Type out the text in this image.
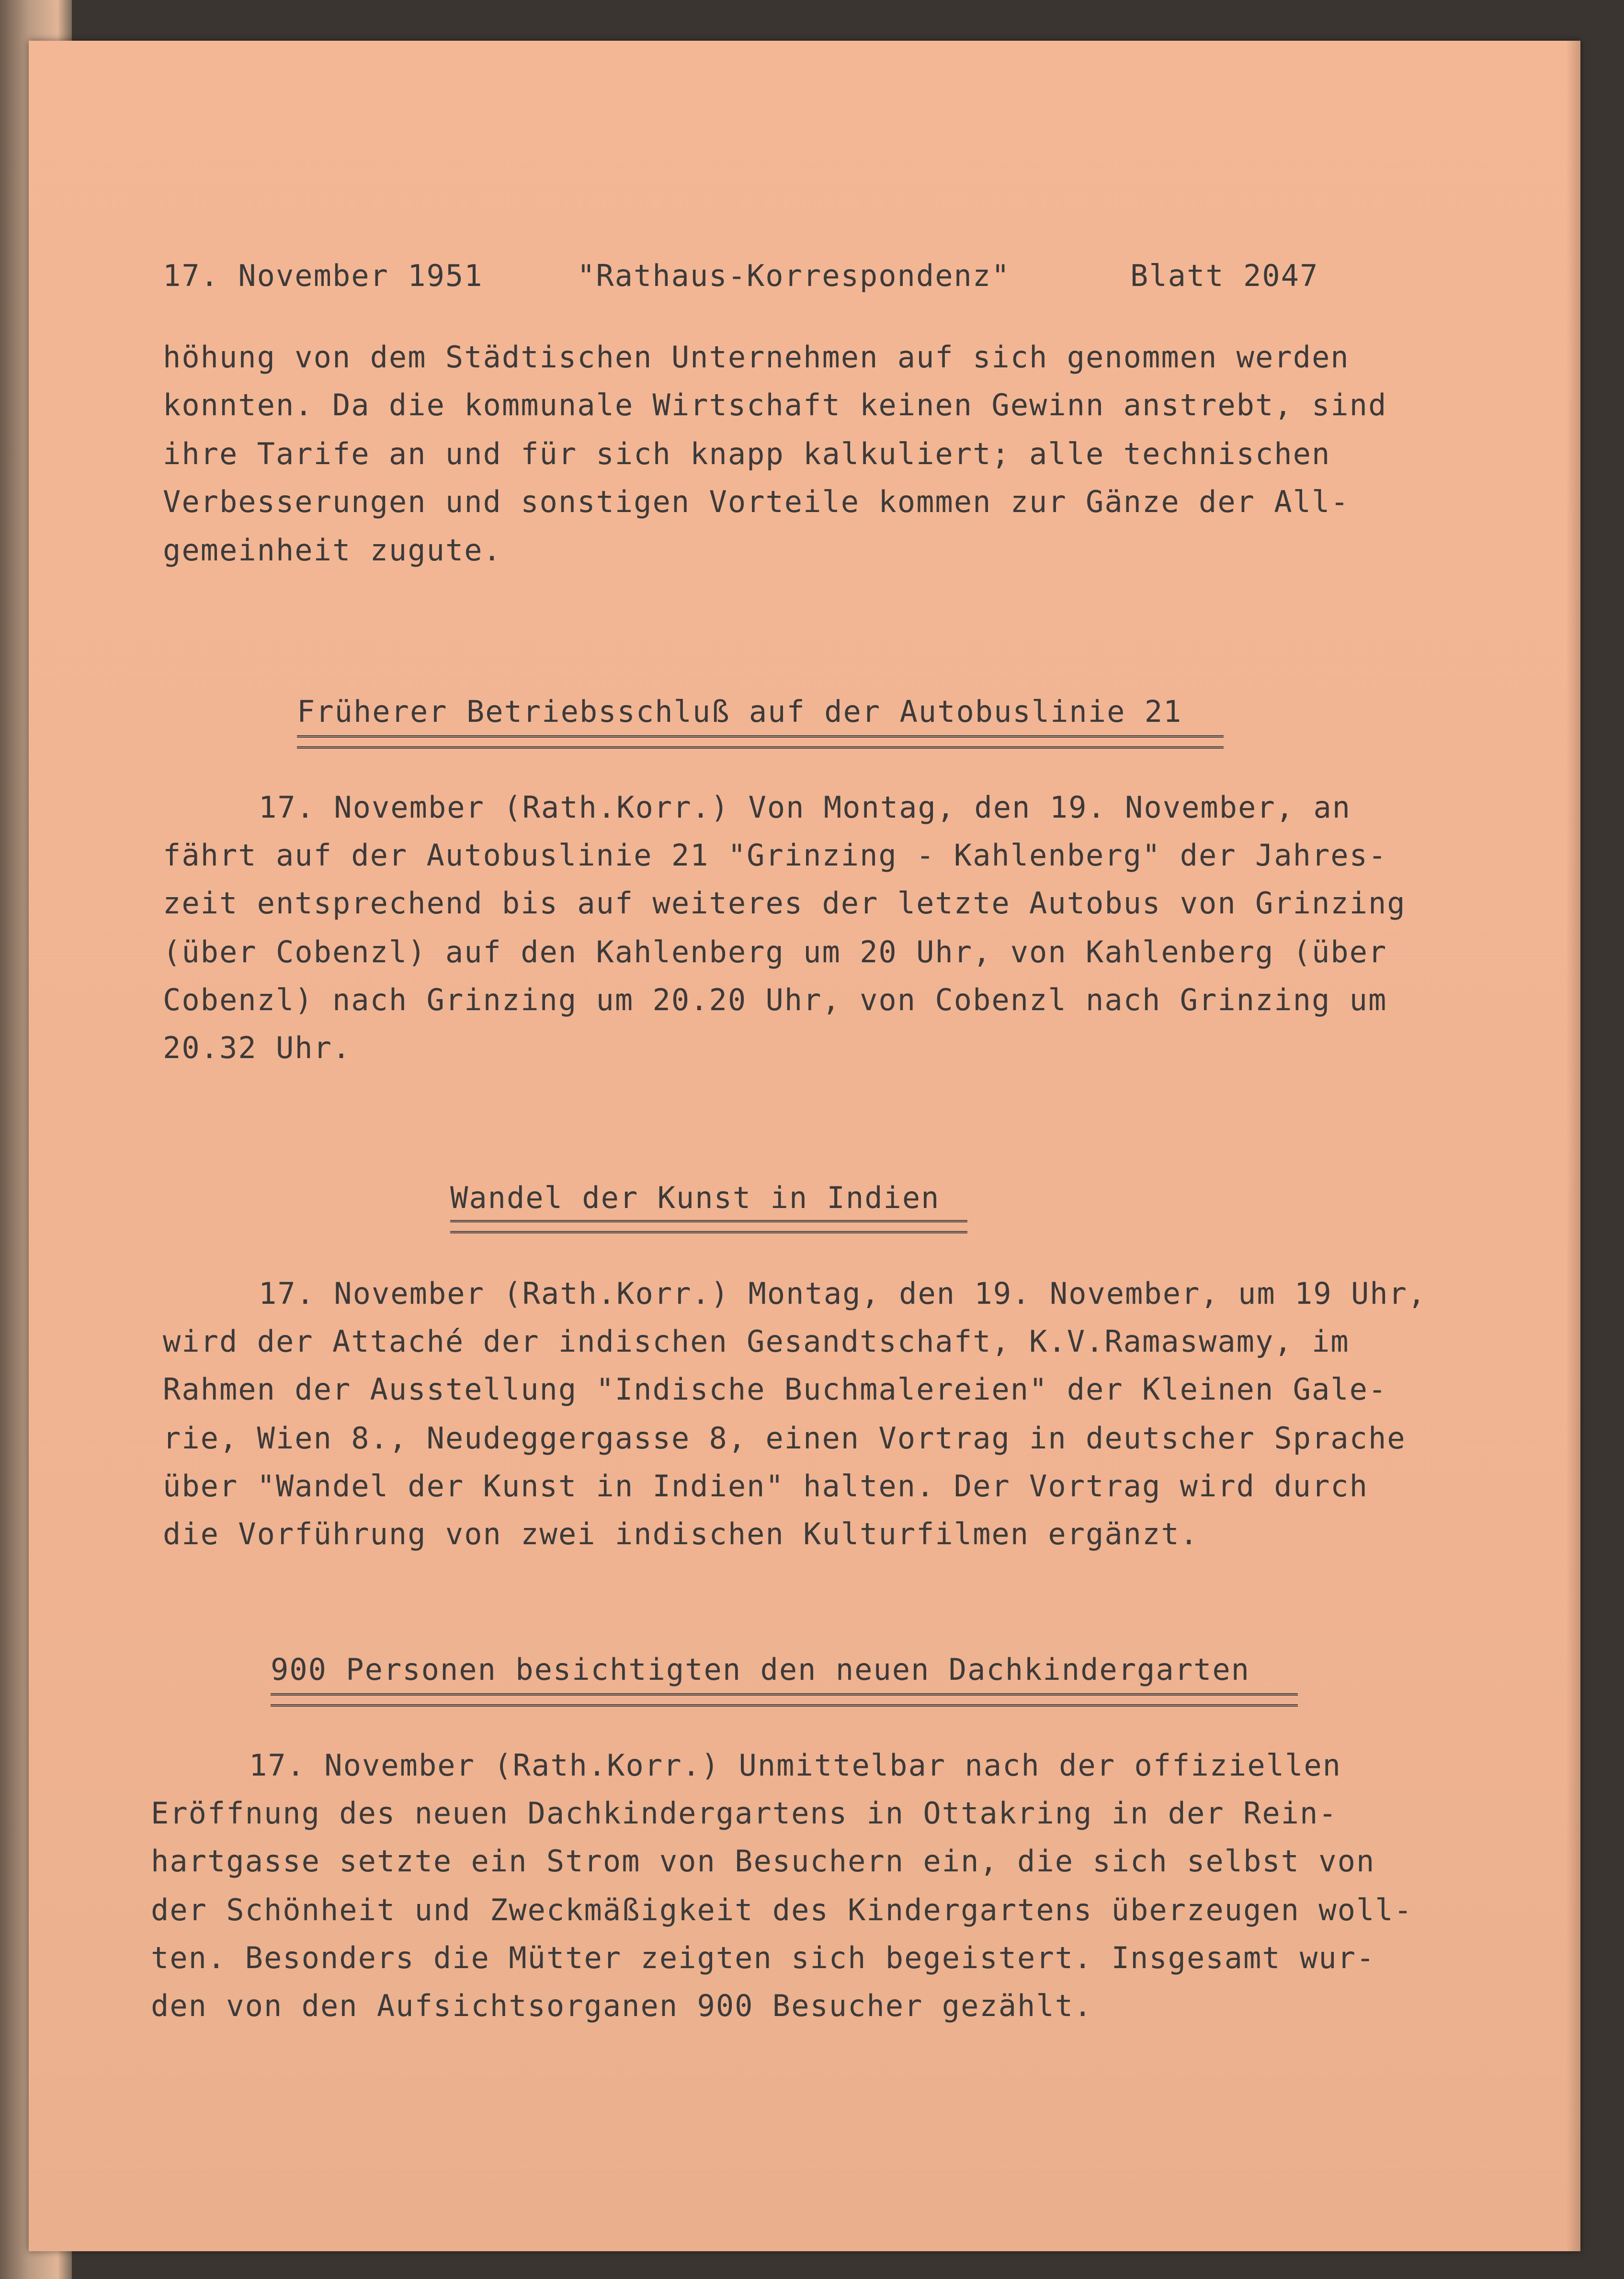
17. November 1951

	"Rathaus-Korrespondenz"

	Blatt 2047

höhung von dem Städtischen Unternehmen auf sich genommen werden
konnten. Da die kommunale Wirtschaft keinen Gewinn anstrebt, sind
ihre Tarife an und für sich knapp kalkuliert; alle technischen
Verbesserungen und sonstigen Vorteile kommen zur Gänze der All-
gemeinheit zugute.
Früherer Betriebsschluß auf der Autobuslinie 21
17. November (Rath.Korr.) Von Montag, den 19. November, an
fährt auf der Autobuslinie 21 "Grinzing - Kahlenberg" der Jahres-
zeit entsprechend bis auf weiteres der letzte Autobus von Grinzing
(über Cobenzl) auf den Kahlenberg um 20 Uhr, von Kahlenberg (über
Cobenzl) nach Grinzing um 20.20 Uhr, von Cobenzl nach Grinzing um
20.32 Uhr.
Wandel der Kunst in Indien
17. November (Rath.Korr.) Montag, den 19. November, um 19 Uhr,
wird der Attaché der indischen Gesandtschaft, K.V.Ramaswamy, im
Rahmen der Ausstellung "Indische Buchmalereien" der Kleinen Gale-
rie, Wien 8., Neudeggergasse 8, einen Vortrag in deutscher Sprache
über "Wandel der Kunst in Indien" halten. Der Vortrag wird durch
die Vorführung von zwei indischen Kulturfilmen ergänzt.
900 Personen besichtigten den neuen Dachkindergarten
17. November (Rath.Korr.) Unmittelbar nach der offiziellen
Eröffnung des neuen Dachkindergartens in Ottakring in der Rein-
hartgasse setzte ein Strom von Besuchern ein, die sich selbst von
der Schönheit und Zweckmäßigkeit des Kindergartens überzeugen woll-
ten. Besonders die Mütter zeigten sich begeistert. Insgesamt wur-
den von den Aufsichtsorganen 900 Besucher gezählt.
